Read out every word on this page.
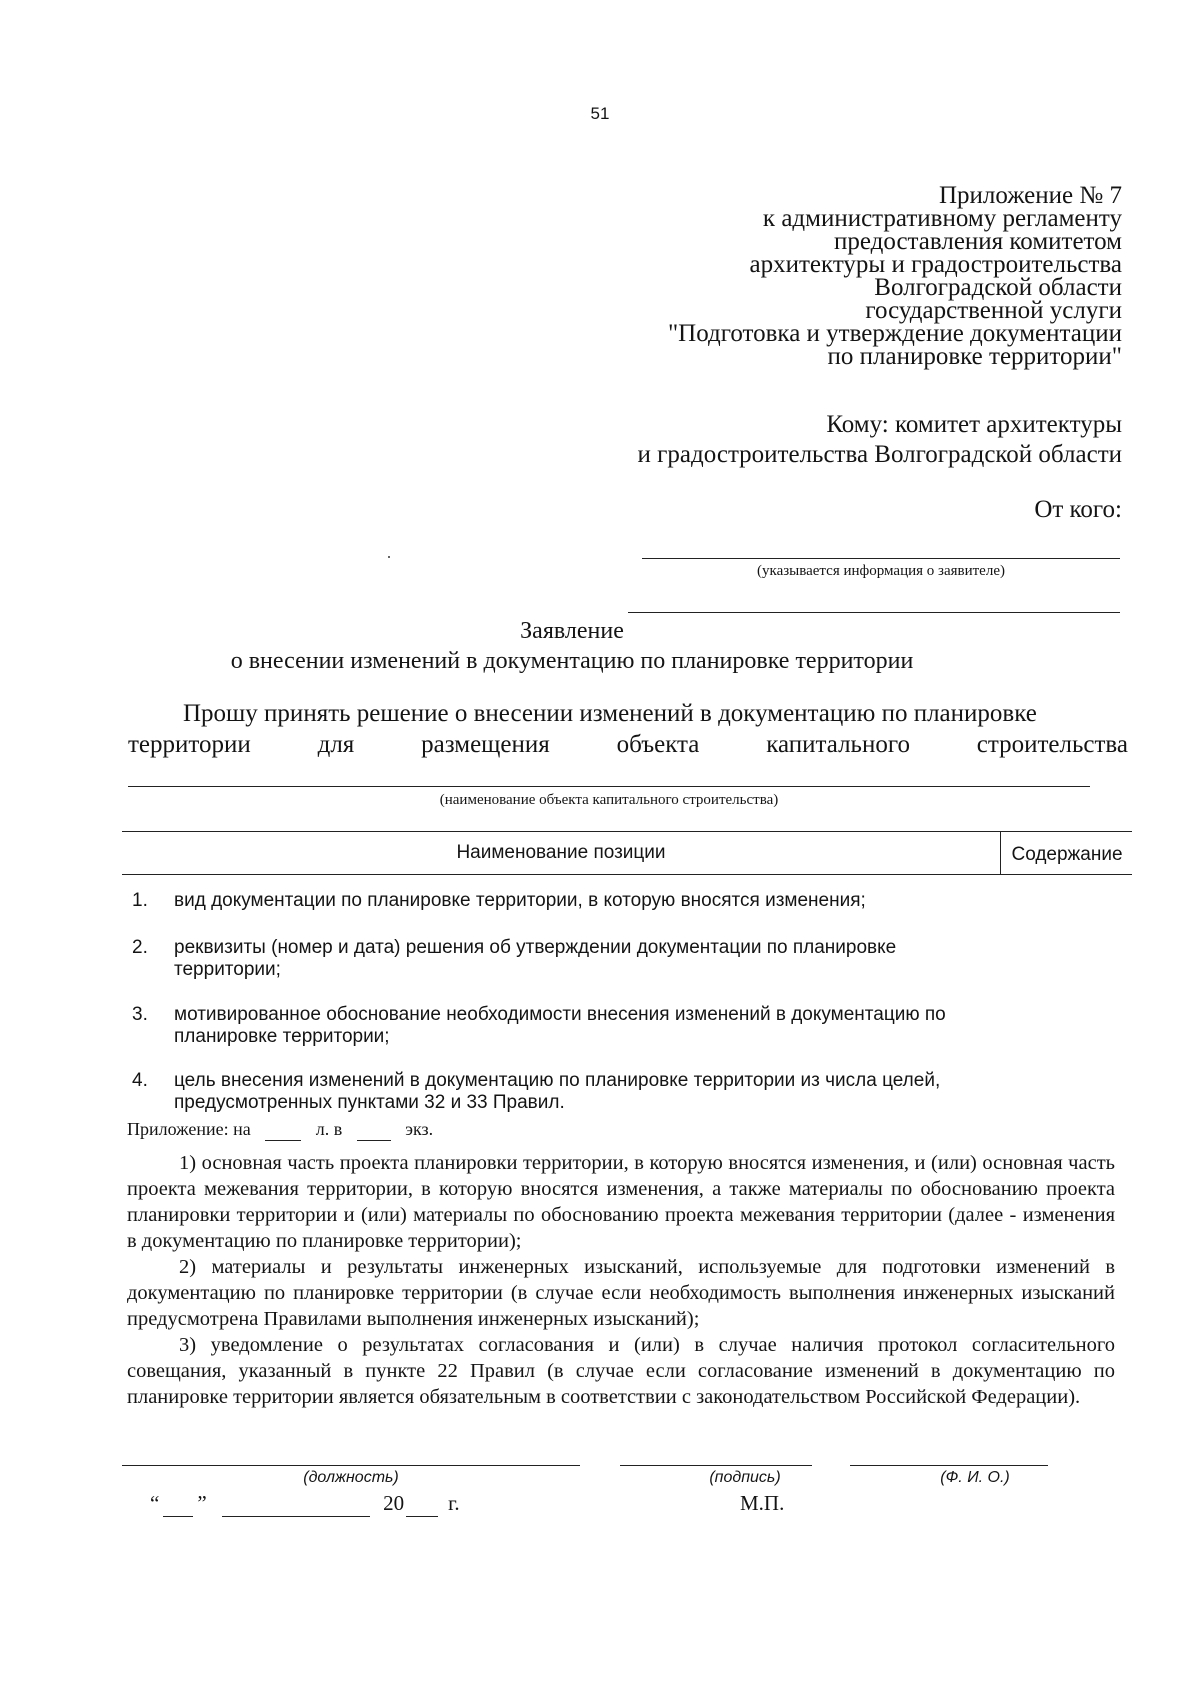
51
Приложение № 7
к административному регламенту
предоставления комитетом
архитектуры и градостроительства
Волгоградской области
государственной услуги
"Подготовка и утверждение документации
по планировке территории"
Кому: комитет архитектуры
и градостроительства Волгоградской области
От кого:
(указывается информация о заявителе)
Заявление
о внесении изменений в документацию по планировке территории
Прошу принять решение о внесении изменений в документацию по планировке
территории для размещения объекта капитального строительства
(наименование объекта капитального строительства)
Наименование позиции	Содержание
1.	вид документации по планировке территории, в которую вносятся изменения;
2.	реквизиты (номер и дата) решения об утверждении документации по планировке территории;
3.	мотивированное обоснование необходимости внесения изменений в документацию по планировке территории;
4.	цель внесения изменений в документацию по планировке территории из числа целей, предусмотренных пунктами 32 и 33 Правил.
Приложение: на	л. в	экз.

1) основная часть проекта планировки территории, в которую вносятся изменения, и (или) основная часть проекта межевания территории, в которую вносятся изменения, а также материалы по обоснованию проекта планировки территории и (или) материалы по обоснованию проекта межевания территории (далее - изменения в документацию по планировке территории);

2) материалы и результаты инженерных изысканий, используемые для подготовки изменений в документацию по планировке территории (в случае если необходимость выполнения инженерных изысканий предусмотрена Правилами выполнения инженерных изысканий);

3) уведомление о результатах согласования и (или) в случае наличия протокол согласительного совещания, указанный в пункте 22 Правил (в случае если согласование изменений в документацию по планировке территории является обязательным в соответствии с законодательством Российской Федерации).

(должность)	(подпись)	(Ф. И. О.)
“ ”	20 г.	М.П.
